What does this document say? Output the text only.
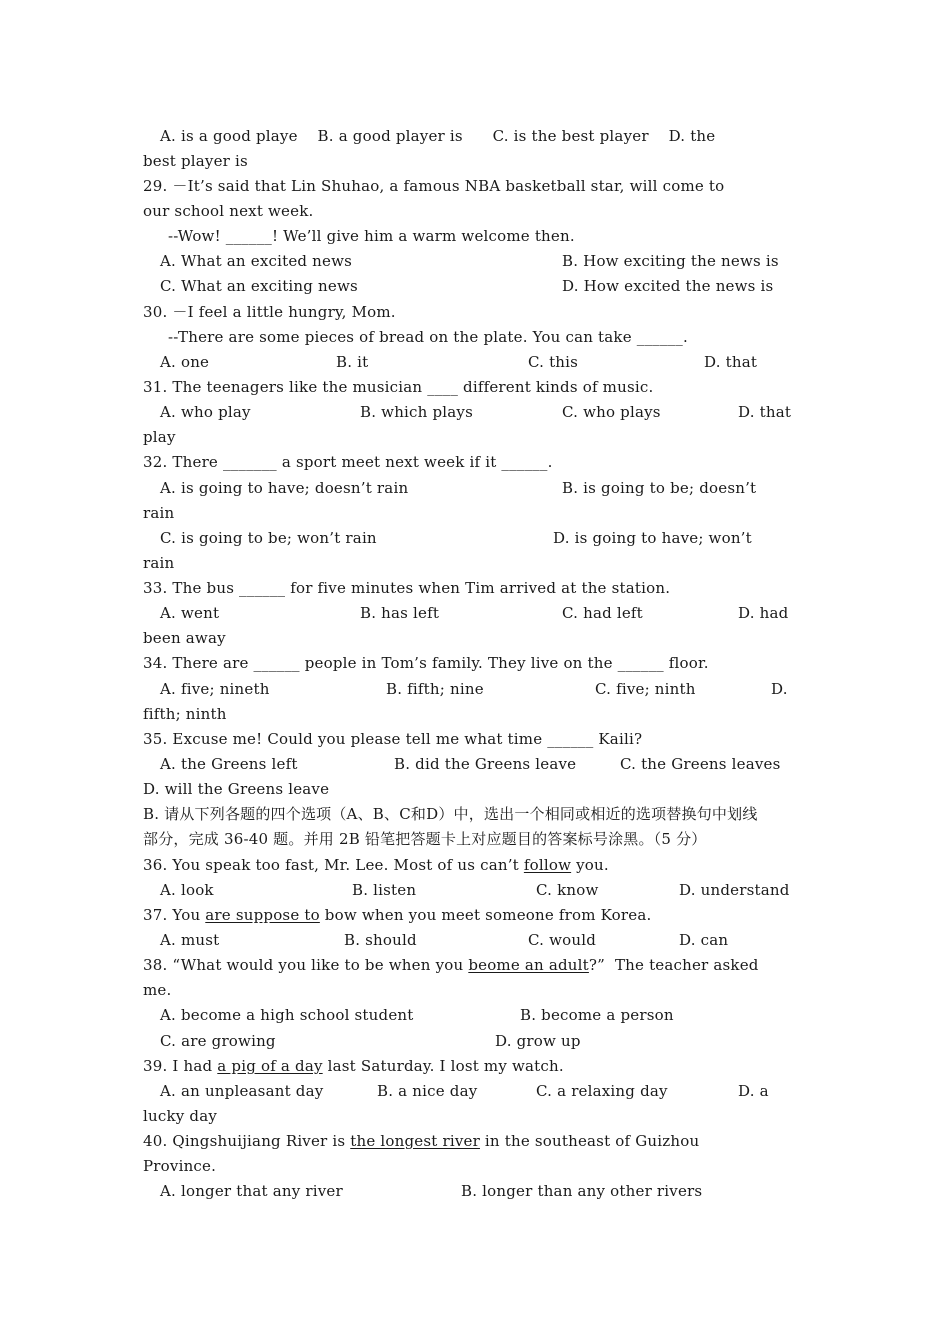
A. is a good playe    B. a good player is      C. is the best player    D. the
best player is
29. －It’s said that Lin Shuhao, a famous NBA basketball star, will come to
our school next week.
--Wow! ______! We’ll give him a warm welcome then.
A. What an excited news	B. How exciting the news is
C. What an exciting news	D. How excited the news is
30. －I feel a little hungry, Mom.
--There are some pieces of bread on the plate. You can take ______.
A. one	B. it	C. this	D. that
31. The teenagers like the musician ____ different kinds of music.
A. who play	B. which plays	C. who plays	D. that
play
32. There _______ a sport meet next week if it ______.
A. is going to have; doesn’t rain	B. is going to be; doesn’t
rain
C. is going to be; won’t rain	D. is going to have; won’t
rain
33. The bus ______ for five minutes when Tim arrived at the station.
A. went	B. has left	C. had left	D. had
been away
34. There are ______ people in Tom’s family. They live on the ______ floor.
A. five; nineth	B. fifth; nine	C. five; ninth	D.
fifth; ninth
35. Excuse me! Could you please tell me what time ______ Kaili?
A. the Greens left	B. did the Greens leave	C. the Greens leaves
D. will the Greens leave
B. 请从下列各题的四个选项（A、B、C和D）中，选出一个相同或相近的选项替换句中划线
部分，完成 36-40 题。并用 2B 铅笔把答题卡上对应题目的答案标号涂黑。（5 分）
36. You speak too fast, Mr. Lee. Most of us can’t follow you.
A. look	B. listen	C. know	D. understand
37. You are suppose to bow when you meet someone from Korea.
A. must	B. should	C. would	D. can
38. “What would you like to be when you beome an adult?”  The teacher asked
me.
A. become a high school student	B. become a person
C. are growing	D. grow up
39. I had a pig of a day last Saturday. I lost my watch.
A. an unpleasant day	B. a nice day	C. a relaxing day	D. a
lucky day
40. Qingshuijiang River is the longest river in the southeast of Guizhou
Province.
A. longer that any river	B. longer than any other rivers
